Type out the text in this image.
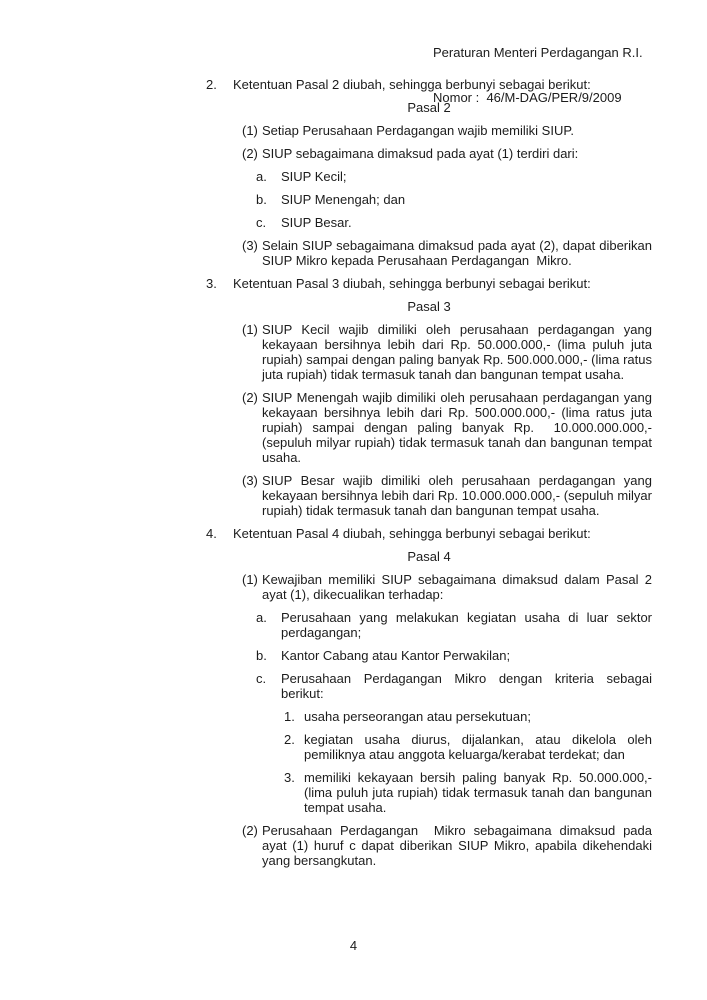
Peraturan Menteri Perdagangan R.I.

Nomor :  46/M-DAG/PER/9/2009

2.	Ketentuan Pasal 2 diubah, sehingga berbunyi sebagai berikut:
Pasal 2
(1) Setiap Perusahaan Perdagangan wajib memiliki SIUP.
(2) SIUP sebagaimana dimaksud pada ayat (1) terdiri dari:
a.	SIUP Kecil;
b.	SIUP Menengah; dan
c.	SIUP Besar.
(3) Selain SIUP sebagaimana dimaksud pada ayat (2), dapat diberikan SIUP Mikro kepada Perusahaan Perdagangan  Mikro.
3.	Ketentuan Pasal 3 diubah, sehingga berbunyi sebagai berikut:
Pasal 3
(1) SIUP Kecil wajib dimiliki oleh perusahaan perdagangan yang kekayaan bersihnya lebih dari Rp. 50.000.000,- (lima puluh juta rupiah) sampai dengan paling banyak Rp. 500.000.000,- (lima ratus juta rupiah) tidak termasuk tanah dan bangunan tempat usaha.
(2) SIUP Menengah wajib dimiliki oleh perusahaan perdagangan yang kekayaan bersihnya lebih dari Rp. 500.000.000,- (lima ratus juta rupiah) sampai dengan paling banyak Rp.  10.000.000.000,- (sepuluh milyar rupiah) tidak termasuk tanah dan bangunan tempat usaha.
(3) SIUP Besar wajib dimiliki oleh perusahaan perdagangan yang kekayaan bersihnya lebih dari Rp. 10.000.000.000,- (sepuluh milyar rupiah) tidak termasuk tanah dan bangunan tempat usaha.
4.	Ketentuan Pasal 4 diubah, sehingga berbunyi sebagai berikut:
Pasal 4
(1) Kewajiban memiliki SIUP sebagaimana dimaksud dalam Pasal 2 ayat (1), dikecualikan terhadap:
a.	Perusahaan yang melakukan kegiatan usaha di luar sektor perdagangan;
b.	Kantor Cabang atau Kantor Perwakilan;
c.	Perusahaan Perdagangan Mikro dengan kriteria sebagai berikut:
1. usaha perseorangan atau persekutuan;
2. kegiatan usaha diurus, dijalankan, atau dikelola oleh pemiliknya atau anggota keluarga/kerabat terdekat; dan
3. memiliki kekayaan bersih paling banyak Rp. 50.000.000,- (lima puluh juta rupiah) tidak termasuk tanah dan bangunan tempat usaha.
(2) Perusahaan Perdagangan  Mikro sebagaimana dimaksud pada ayat (1) huruf c dapat diberikan SIUP Mikro, apabila dikehendaki yang bersangkutan.
4
